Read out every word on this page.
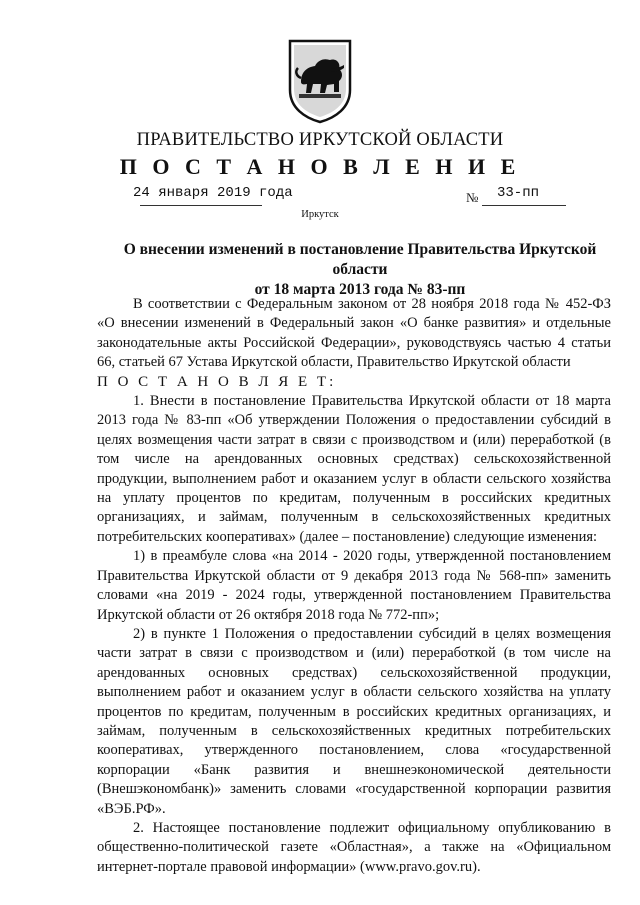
ПРАВИТЕЛЬСТВО ИРКУТСКОЙ ОБЛАСТИ
П О С Т А Н О В Л Е Н И Е
24 января 2019 года	№ 33-пп
Иркутск
О внесении изменений в постановление Правительства Иркутской области
от 18 марта 2013 года № 83-пп

В соответствии с Федеральным законом от 28 ноября 2018 года № 452-ФЗ «О внесении изменений в Федеральный закон «О банке развития» и отдельные законодательные акты Российской Федерации», руководствуясь частью 4 статьи 66, статьей 67 Устава Иркутской области, Правительство Иркутской области

П О С Т А Н О В Л Я Е Т:

1. Внести в постановление Правительства Иркутской области от 18 марта 2013 года № 83-пп «Об утверждении Положения о предоставлении субсидий в целях возмещения части затрат в связи с производством и (или) переработкой (в том числе на арендованных основных средствах) сельскохозяйственной продукции, выполнением работ и оказанием услуг в области сельского хозяйства на уплату процентов по кредитам, полученным в российских кредитных организациях, и займам, полученным в сельскохозяйственных кредитных потребительских кооперативах» (далее – постановление) следующие изменения:

1) в преамбуле слова «на 2014 - 2020 годы, утвержденной постановлением Правительства Иркутской области от 9 декабря 2013 года № 568-пп» заменить словами «на 2019 - 2024 годы, утвержденной постановлением Правительства Иркутской области от 26 октября 2018 года № 772-пп»;

2) в пункте 1 Положения о предоставлении субсидий в целях возмещения части затрат в связи с производством и (или) переработкой (в том числе на арендованных основных средствах) сельскохозяйственной продукции, выполнением работ и оказанием услуг в области сельского хозяйства на уплату процентов по кредитам, полученным в российских кредитных организациях, и займам, полученным в сельскохозяйственных кредитных потребительских кооперативах, утвержденного постановлением, слова «государственной корпорации «Банк развития и внешнеэкономической деятельности (Внешэкономбанк)» заменить словами «государственной корпорации развития «ВЭБ.РФ».

2. Настоящее постановление подлежит официальному опубликованию в общественно-политической газете «Областная», а также на «Официальном интернет-портале правовой информации» (www.pravo.gov.ru).
